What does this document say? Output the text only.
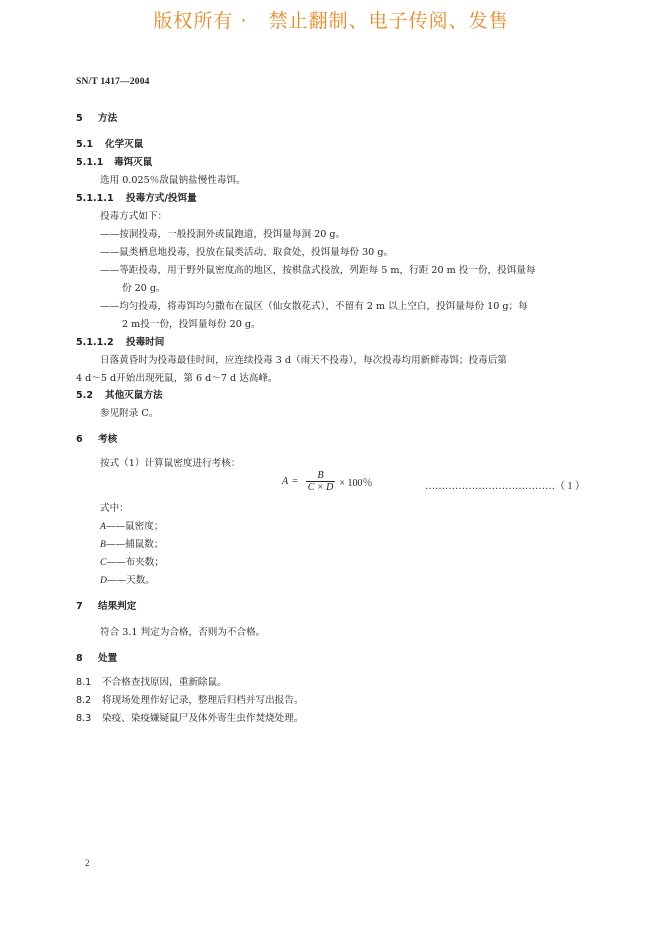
版权所有 ·   禁止翻制、电子传阅、发售
SN/T 1417—2004
5 方法
5.1 化学灭鼠
5.1.1 毒饵灭鼠
选用 0.025％敌鼠钠盐慢性毒饵。
5.1.1.1 投毒方式/投饵量
投毒方式如下：
——按洞投毒，一般投洞外或鼠跑道，投饵量每洞 20 g。
——鼠类栖息地投毒，投放在鼠类活动、取食处，投饵量每份 30 g。
——等距投毒，用于野外鼠密度高的地区，按棋盘式投放，列距每 5 m，行距 20 m 投一份，投饵量每
份 20 g。
——均匀投毒，将毒饵均匀撒布在鼠区（仙女散花式），不留有 2 m 以上空白，投饵量每份 10 g；每
2 m投一份，投饵量每份 20 g。
5.1.1.2 投毒时间
日落黄昏时为投毒最佳时间，应连续投毒 3 d（雨天不投毒），每次投毒均用新鲜毒饵；投毒后第
4 d～5 d开始出现死鼠，第 6 d～7 d 达高峰。
5.2 其他灭鼠方法
参见附录 C。
6 考核
按式（1）计算鼠密度进行考核：
$A = \frac{B}{C \times D} \times 100$％	…………………………………（ 1 ）
式中：
A——鼠密度；
B——捕鼠数；
C——布夹数；
D——天数。
7 结果判定
符合 3.1 判定为合格，否则为不合格。
8 处置
8.1 不合格查找原因，重新除鼠。
8.2 将现场处理作好记录，整理后归档并写出报告。
8.3 染疫、染疫嫌疑鼠尸及体外寄生虫作焚烧处理。
2
